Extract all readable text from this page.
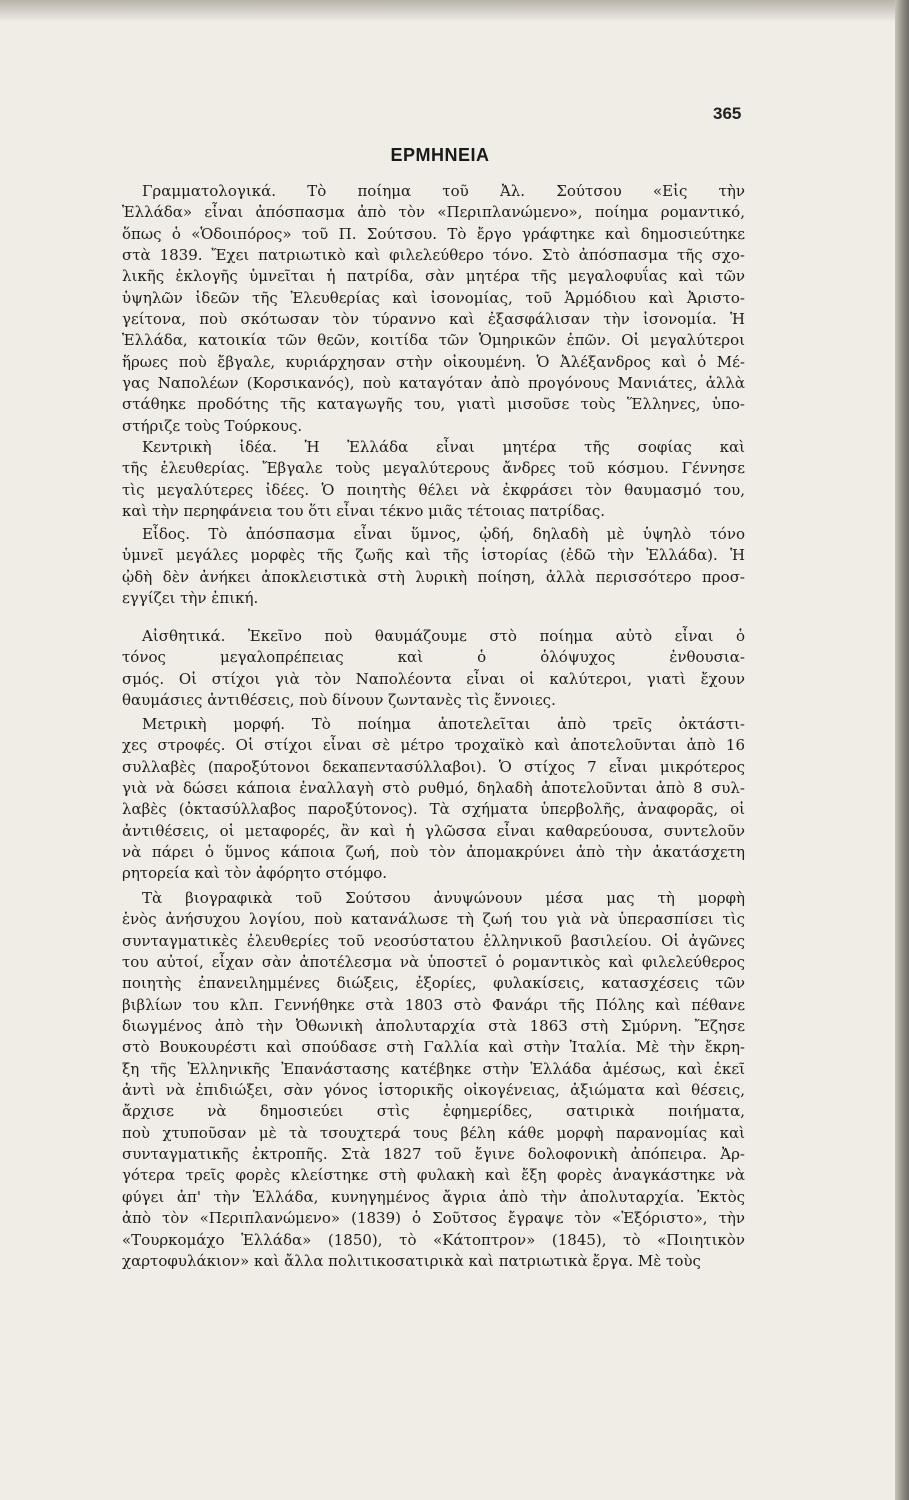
365
ΕΡΜΗΝΕΙΑ
Γραμματολογικά. Τὸ ποίημα τοῦ Ἀλ. Σούτσου «Εἰς τὴν
Ἑλλάδα» εἶναι ἀπόσπασμα ἀπὸ τὸν «Περιπλανώμενο», ποίημα ρομαντικό,
ὅπως ὁ «Ὁδοιπόρος» τοῦ Π. Σούτσου. Τὸ ἔργο γράφτηκε καὶ δημοσιεύτηκε
στὰ 1839. Ἔχει πατριωτικὸ καὶ φιλελεύθερο τόνο. Στὸ ἀπόσπασμα τῆς σχο-
λικῆς ἐκλογῆς ὑμνεῖται ἡ πατρίδα, σὰν μητέρα τῆς μεγαλοφυΐας καὶ τῶν
ὑψηλῶν ἰδεῶν τῆς Ἐλευθερίας καὶ ἰσονομίας, τοῦ Ἁρμόδιου καὶ Ἀριστο-
γείτονα, ποὺ σκότωσαν τὸν τύραννο καὶ ἐξασφάλισαν τὴν ἰσονομία. Ἡ
Ἑλλάδα, κατοικία τῶν θεῶν, κοιτίδα τῶν Ὁμηρικῶν ἐπῶν. Οἱ μεγαλύτεροι
ἥρωες ποὺ ἔβγαλε, κυριάρχησαν στὴν οἰκουμένη. Ὁ Ἀλέξανδρος καὶ ὁ Μέ-
γας Ναπολέων (Κορσικανός), ποὺ καταγόταν ἀπὸ προγόνους Μανιάτες, ἀλλὰ
στάθηκε προδότης τῆς καταγωγῆς του, γιατὶ μισοῦσε τοὺς Ἕλληνες, ὑπο-
στήριζε τοὺς Τούρκους.
Κεντρικὴ ἰδέα. Ἡ Ἑλλάδα εἶναι μητέρα τῆς σοφίας καὶ
τῆς ἐλευθερίας. Ἔβγαλε τοὺς μεγαλύτερους ἄνδρες τοῦ κόσμου. Γέννησε
τὶς μεγαλύτερες ἰδέες. Ὁ ποιητὴς θέλει νὰ ἐκφράσει τὸν θαυμασμό του,
καὶ τὴν περηφάνεια του ὅτι εἶναι τέκνο μιᾶς τέτοιας πατρίδας.
Εἶδος. Τὸ ἀπόσπασμα εἶναι ὕμνος, ᾠδή, δηλαδὴ μὲ ὑψηλὸ τόνο
ὑμνεῖ μεγάλες μορφὲς τῆς ζωῆς καὶ τῆς ἱστορίας (ἐδῶ τὴν Ἑλλάδα). Ἡ
ᾠδὴ δὲν ἀνήκει ἀποκλειστικὰ στὴ λυρικὴ ποίηση, ἀλλὰ περισσότερο προσ-
εγγίζει τὴν ἐπική.
Αἰσθητικά. Ἐκεῖνο ποὺ θαυμάζουμε στὸ ποίημα αὐτὸ εἶναι ὁ
τόνος μεγαλοπρέπειας καὶ ὁ ὁλόψυχος ἐνθουσια-
σμός. Οἱ στίχοι γιὰ τὸν Ναπολέοντα εἶναι οἱ καλύτεροι, γιατὶ ἔχουν
θαυμάσιες ἀντιθέσεις, ποὺ δίνουν ζωντανὲς τὶς ἔννοιες.
Μετρικὴ μορφή. Τὸ ποίημα ἀποτελεῖται ἀπὸ τρεῖς ὀκτάστι-
χες στροφές. Οἱ στίχοι εἶναι σὲ μέτρο τροχαϊκὸ καὶ ἀποτελοῦνται ἀπὸ 16
συλλαβὲς (παροξύτονοι δεκαπεντασύλλαβοι). Ὁ στίχος 7 εἶναι μικρότερος
γιὰ νὰ δώσει κάποια ἐναλλαγὴ στὸ ρυθμό, δηλαδὴ ἀποτελοῦνται ἀπὸ 8 συλ-
λαβὲς (ὀκτασύλλαβος παροξύτονος). Τὰ σχήματα ὑπερβολῆς, ἀναφορᾶς, οἱ
ἀντιθέσεις, οἱ μεταφορές, ἂν καὶ ἡ γλῶσσα εἶναι καθαρεύουσα, συντελοῦν
νὰ πάρει ὁ ὕμνος κάποια ζωή, ποὺ τὸν ἀπομακρύνει ἀπὸ τὴν ἀκατάσχετη
ρητορεία καὶ τὸν ἀφόρητο στόμφο.
Τὰ βιογραφικὰ τοῦ Σούτσου ἀνυψώνουν μέσα μας τὴ μορφὴ
ἑνὸς ἀνήσυχου λογίου, ποὺ κατανάλωσε τὴ ζωή του γιὰ νὰ ὑπερασπίσει τὶς
συνταγματικὲς ἐλευθερίες τοῦ νεοσύστατου ἑλληνικοῦ βασιλείου. Οἱ ἀγῶνες
του αὐτοί, εἶχαν σὰν ἀποτέλεσμα νὰ ὑποστεῖ ὁ ρομαντικὸς καὶ φιλελεύθερος
ποιητὴς ἐπανειλημμένες διώξεις, ἐξορίες, φυλακίσεις, κατασχέσεις τῶν
βιβλίων του κλπ. Γεννήθηκε στὰ 1803 στὸ Φανάρι τῆς Πόλης καὶ πέθανε
διωγμένος ἀπὸ τὴν Ὀθωνικὴ ἀπολυταρχία στὰ 1863 στὴ Σμύρνη. Ἔζησε
στὸ Βουκουρέστι καὶ σπούδασε στὴ Γαλλία καὶ στὴν Ἰταλία. Μὲ τὴν ἔκρη-
ξη τῆς Ἑλληνικῆς Ἐπανάστασης κατέβηκε στὴν Ἑλλάδα ἀμέσως, καὶ ἐκεῖ
ἀντὶ νὰ ἐπιδιώξει, σὰν γόνος ἱστορικῆς οἰκογένειας, ἀξιώματα καὶ θέσεις,
ἄρχισε νὰ δημοσιεύει στὶς ἐφημερίδες, σατιρικὰ ποιήματα,
ποὺ χτυποῦσαν μὲ τὰ τσουχτερά τους βέλη κάθε μορφὴ παρανομίας καὶ
συνταγματικῆς ἐκτροπῆς. Στὰ 1827 τοῦ ἔγινε δολοφονικὴ ἀπόπειρα. Ἀρ-
γότερα τρεῖς φορὲς κλείστηκε στὴ φυλακὴ καὶ ἔξη φορὲς ἀναγκάστηκε νὰ
φύγει ἀπ' τὴν Ἑλλάδα, κυνηγημένος ἄγρια ἀπὸ τὴν ἀπολυταρχία. Ἐκτὸς
ἀπὸ τὸν «Περιπλανώμενο» (1839) ὁ Σοῦτσος ἔγραψε τὸν «Ἐξόριστο», τὴν
«Τουρκομάχο Ἑλλάδα» (1850), τὸ «Κάτοπτρον» (1845), τὸ «Ποιητικὸν
χαρτοφυλάκιον» καὶ ἄλλα πολιτικοσατιρικὰ καὶ πατριωτικὰ ἔργα. Μὲ τοὺς
